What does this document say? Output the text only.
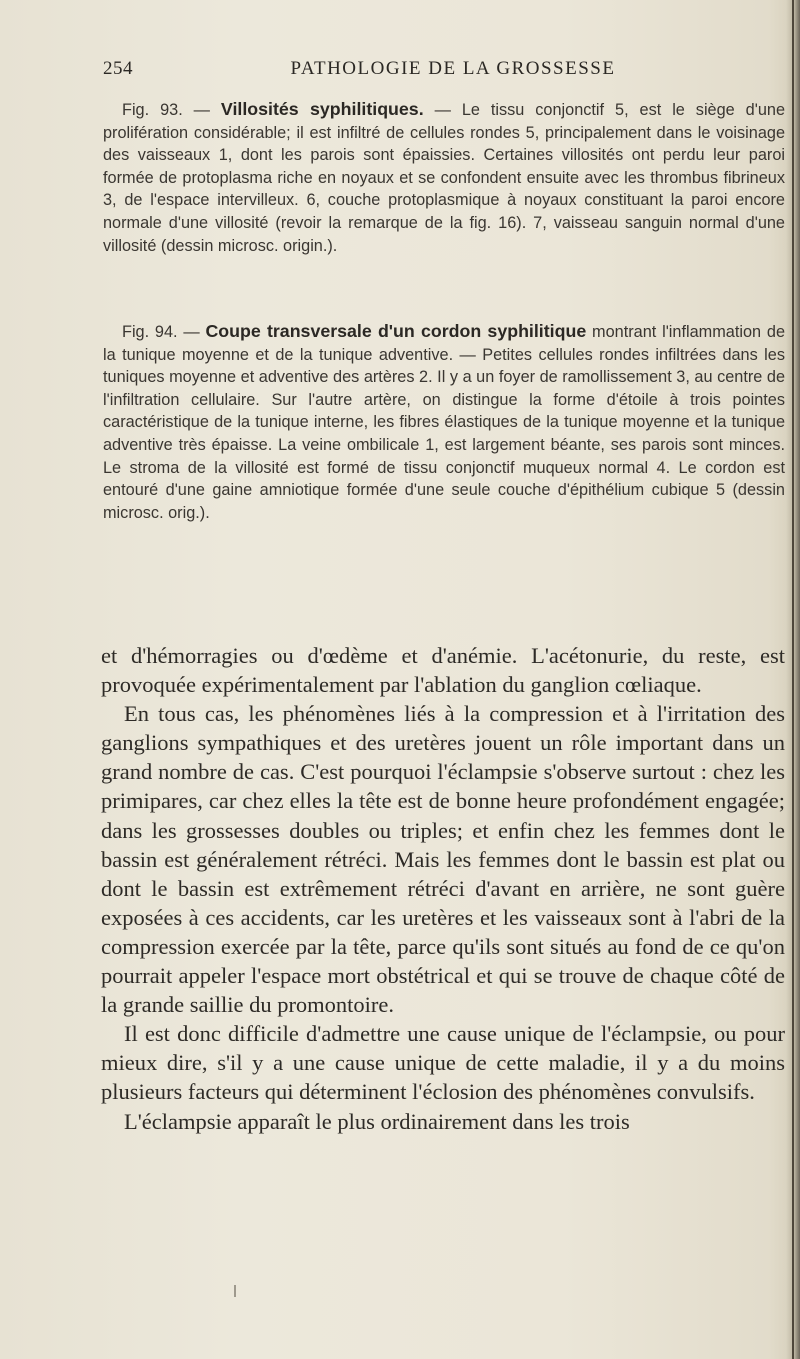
254	PATHOLOGIE DE LA GROSSESSE

Fig. 93. — Villosités syphilitiques. — Le tissu conjonctif 5, est le siège d'une prolifération considérable; il est infiltré de cellules rondes 5, principalement dans le voisinage des vaisseaux 1, dont les parois sont épaissies. Certaines villosités ont perdu leur paroi formée de protoplasma riche en noyaux et se confondent ensuite avec les thrombus fibrineux 3, de l'espace intervilleux. 6, couche protoplasmique à noyaux constituant la paroi encore normale d'une villosité (revoir la remarque de la fig. 16). 7, vaisseau sanguin normal d'une villosité (dessin microsc. origin.).

Fig. 94. — Coupe transversale d'un cordon syphilitique montrant l'inflammation de la tunique moyenne et de la tunique adventive. — Petites cellules rondes infiltrées dans les tuniques moyenne et adventive des artères 2. Il y a un foyer de ramollissement 3, au centre de l'infiltration cellulaire. Sur l'autre artère, on distingue la forme d'étoile à trois pointes caractéristique de la tunique interne, les fibres élastiques de la tunique moyenne et la tunique adventive très épaisse. La veine ombilicale 1, est largement béante, ses parois sont minces. Le stroma de la villosité est formé de tissu conjonctif muqueux normal 4. Le cordon est entouré d'une gaine amniotique formée d'une seule couche d'épithélium cubique 5 (dessin microsc. orig.).

et d'hémorragies ou d'œdème et d'anémie. L'acétonurie, du reste, est provoquée expérimentalement par l'ablation du ganglion cœliaque.

En tous cas, les phénomènes liés à la compression et à l'irritation des ganglions sympathiques et des uretères jouent un rôle important dans un grand nombre de cas. C'est pourquoi l'éclampsie s'observe surtout : chez les primipares, car chez elles la tête est de bonne heure profondément engagée; dans les grossesses doubles ou triples; et enfin chez les femmes dont le bassin est généralement rétréci. Mais les femmes dont le bassin est plat ou dont le bassin est extrêmement rétréci d'avant en arrière, ne sont guère exposées à ces accidents, car les uretères et les vaisseaux sont à l'abri de la compression exercée par la tête, parce qu'ils sont situés au fond de ce qu'on pourrait appeler l'espace mort obstétrical et qui se trouve de chaque côté de la grande saillie du promontoire.

Il est donc difficile d'admettre une cause unique de l'éclampsie, ou pour mieux dire, s'il y a une cause unique de cette maladie, il y a du moins plusieurs facteurs qui déterminent l'éclosion des phénomènes convulsifs.

L'éclampsie apparaît le plus ordinairement dans les trois
